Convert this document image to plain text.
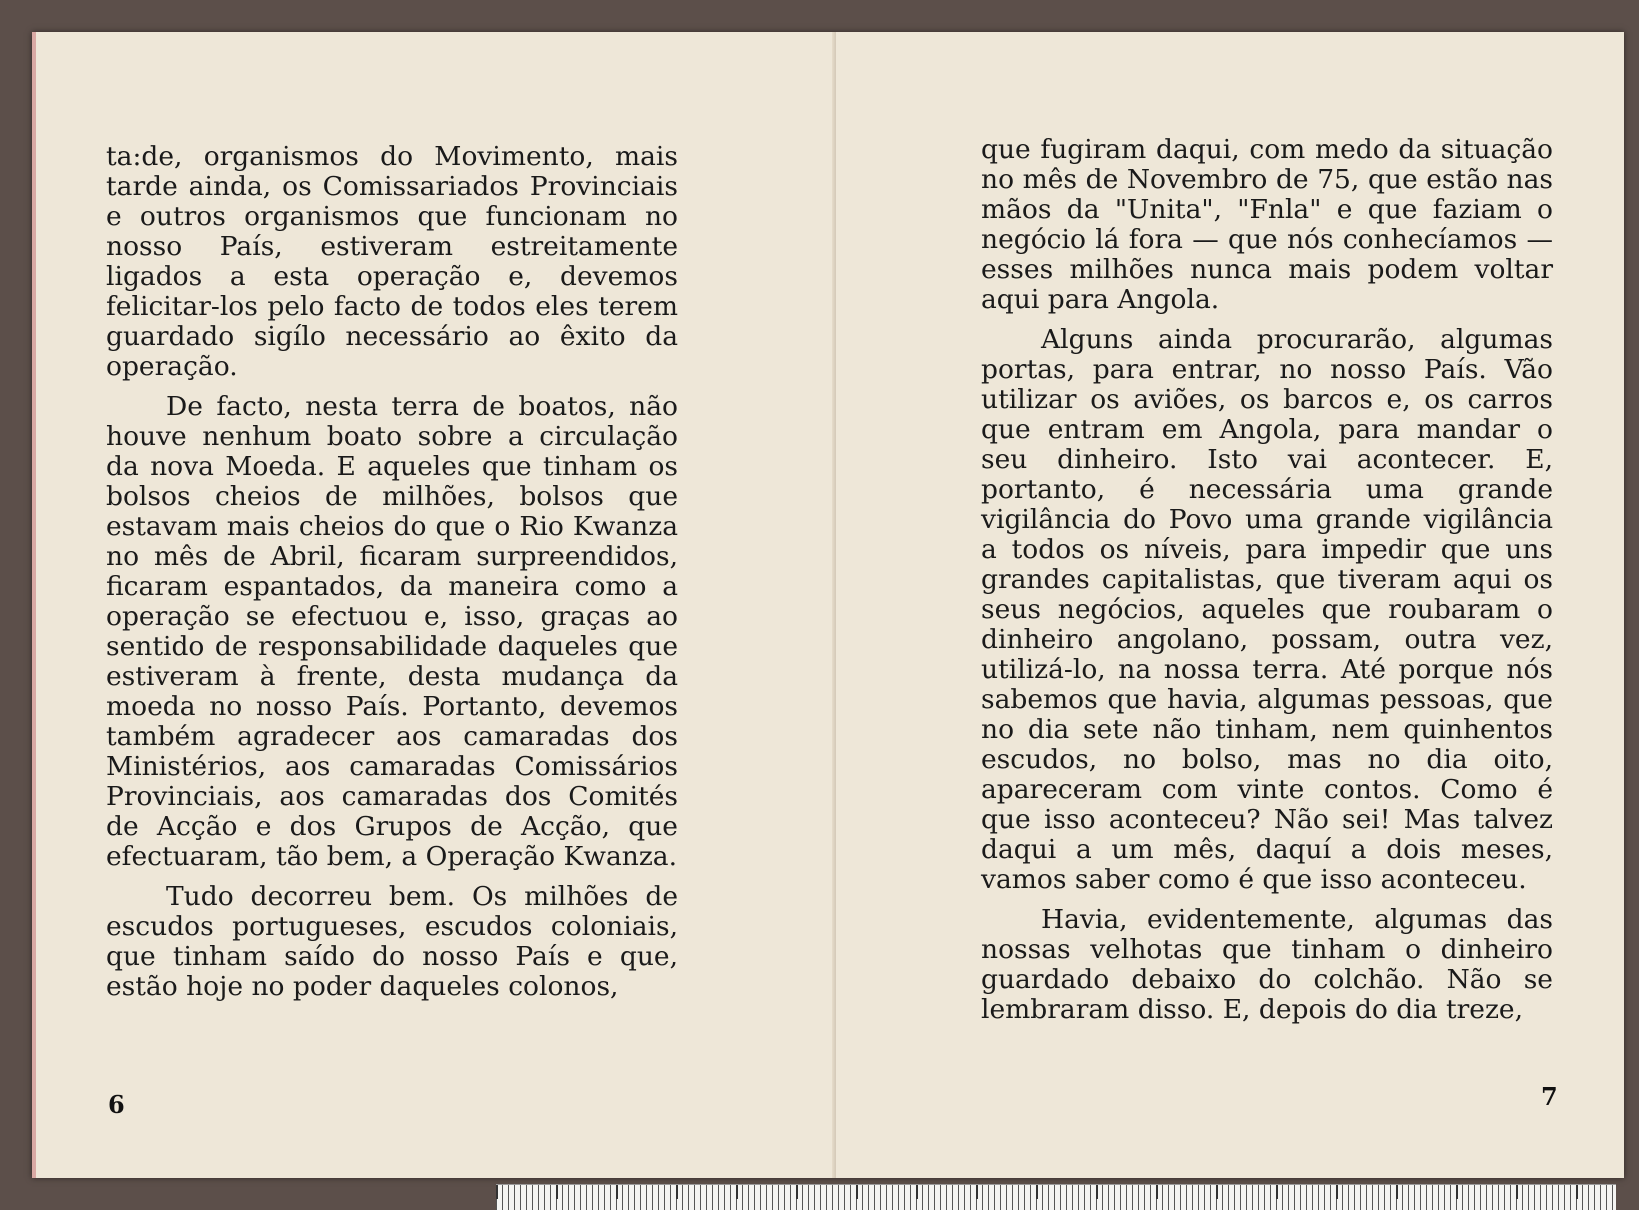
ta:de, organismos do Movimento, mais tarde ainda, os Comissariados Provinciais e outros organismos que funcionam no nosso País, estiveram estreitamente ligados a esta operação e, devemos felicitar-los pelo facto de todos eles terem guardado sigílo necessário ao êxito da operação.

De facto, nesta terra de boatos, não houve nenhum boato sobre a circulação da nova Moeda. E aqueles que tinham os bolsos cheios de milhões, bolsos que estavam mais cheios do que o Rio Kwanza no mês de Abril, ficaram surpreendidos, ficaram espantados, da maneira como a operação se efectuou e, isso, graças ao sentido de responsabilidade daqueles que estiveram à frente, desta mudança da moeda no nosso País. Portanto, devemos também agradecer aos camaradas dos Ministérios, aos camaradas Comissários Provinciais, aos camaradas dos Comités de Acção e dos Grupos de Acção, que efectuaram, tão bem, a Operação Kwanza.

Tudo decorreu bem. Os milhões de escudos portugueses, escudos coloniais, que tinham saído do nosso País e que, estão hoje no poder daqueles colonos,

6

que fugiram daqui, com medo da situação no mês de Novembro de 75, que estão nas mãos da "Unita", "Fnla" e que faziam o negócio lá fora — que nós conhecíamos — esses milhões nunca mais podem voltar aqui para Angola.

Alguns ainda procurarão, algumas portas, para entrar, no nosso País. Vão utilizar os aviões, os barcos e, os carros que entram em Angola, para mandar o seu dinheiro. Isto vai acontecer. E, portanto, é necessária uma grande vigilância do Povo uma grande vigilância a todos os níveis, para impedir que uns grandes capitalistas, que tiveram aqui os seus negócios, aqueles que roubaram o dinheiro angolano, possam, outra vez, utilizá-lo, na nossa terra. Até porque nós sabemos que havia, algumas pessoas, que no dia sete não tinham, nem quinhentos escudos, no bolso, mas no dia oito, apareceram com vinte contos. Como é que isso aconteceu? Não sei! Mas talvez daqui a um mês, daquí a dois meses, vamos saber como é que isso aconteceu.

Havia, evidentemente, algumas das nossas velhotas que tinham o dinheiro guardado debaixo do colchão. Não se lembraram disso. E, depois do dia treze,

7
